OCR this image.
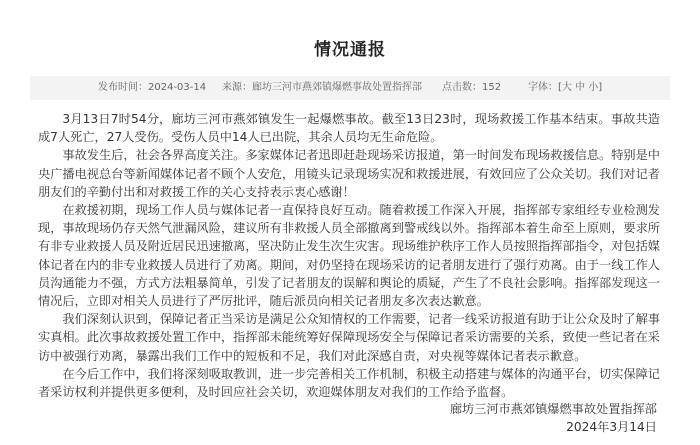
情况通报
发布时间：2024-03-14 来源：廊坊三河市燕郊镇爆燃事故处置指挥部 点击数：152	字体：[大 中 小]

3月13日7时54分，廊坊三河市燕郊镇发生一起爆燃事故。截至13日23时，现场救援工作基本结束。事故共造成7人死亡，27人受伤。受伤人员中14人已出院，其余人员均无生命危险。

事故发生后，社会各界高度关注。多家媒体记者迅即赶赴现场采访报道，第一时间发布现场救援信息。特别是中央广播电视总台等新闻媒体记者不顾个人安危，用镜头记录现场实况和救援进展，有效回应了公众关切。我们对记者朋友们的辛勤付出和对救援工作的关心支持表示衷心感谢！

在救援初期，现场工作人员与媒体记者一直保持良好互动。随着救援工作深入开展，指挥部专家组经专业检测发现，事故现场仍存天然气泄漏风险，建议所有非救援人员全部撤离到警戒线以外。指挥部本着生命至上原则，要求所有非专业救援人员及附近居民迅速撤离，坚决防止发生次生灾害。现场维护秩序工作人员按照指挥部指令，对包括媒体记者在内的非专业救援人员进行了劝离。期间，对仍坚持在现场采访的记者朋友进行了强行劝离。由于一线工作人员沟通能力不强，方式方法粗暴简单，引发了记者朋友的误解和舆论的质疑，产生了不良社会影响。指挥部发现这一情况后，立即对相关人员进行了严厉批评，随后派员向相关记者朋友多次表达歉意。

我们深刻认识到，保障记者正当采访是满足公众知情权的工作需要，记者一线采访报道有助于让公众及时了解事实真相。此次事故救援处置工作中，指挥部未能统筹好保障现场安全与保障记者采访需要的关系，致使一些记者在采访中被强行劝离，暴露出我们工作中的短板和不足，我们对此深感自责，对央视等媒体记者表示歉意。

在今后工作中，我们将深刻吸取教训，进一步完善相关工作机制，积极主动搭建与媒体的沟通平台，切实保障记者采访权利并提供更多便利，及时回应社会关切，欢迎媒体朋友对我们的工作给予监督。

廊坊三河市燕郊镇爆燃事故处置指挥部
2024年3月14日
